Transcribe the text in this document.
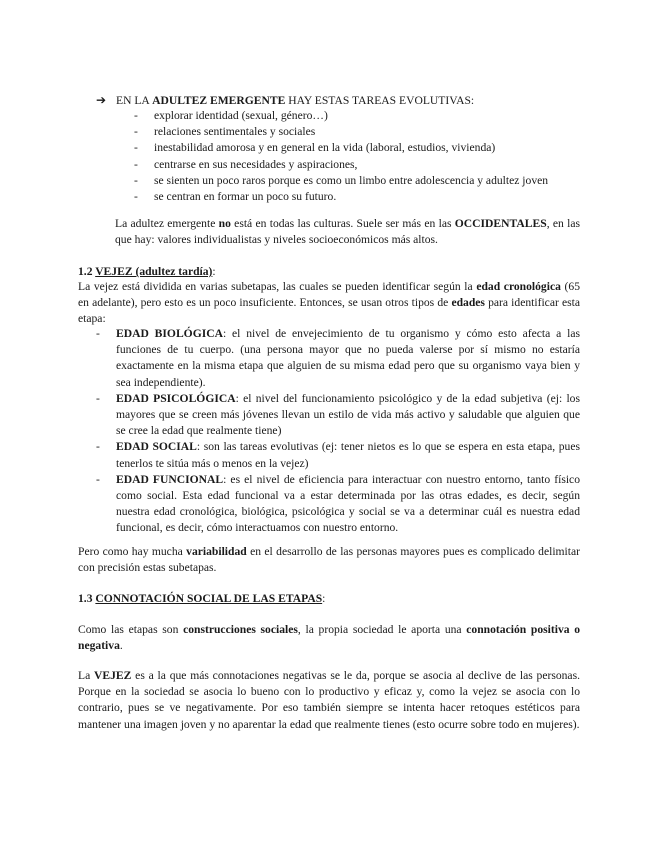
➔ EN LA ADULTEZ EMERGENTE HAY ESTAS TAREAS EVOLUTIVAS:
- explorar identidad (sexual, género…)
- relaciones sentimentales y sociales
- inestabilidad amorosa y en general en la vida (laboral, estudios, vivienda)
- centrarse en sus necesidades y aspiraciones,
- se sienten un poco raros porque es como un limbo entre adolescencia y adultez joven
- se centran en formar un poco su futuro.
La adultez emergente no está en todas las culturas. Suele ser más en las OCCIDENTALES, en las que hay: valores individualistas y niveles socioeconómicos más altos.
1.2 VEJEZ (adultez tardía):
La vejez está dividida en varias subetapas, las cuales se pueden identificar según la edad cronológica (65 en adelante), pero esto es un poco insuficiente. Entonces, se usan otros tipos de edades para identificar esta etapa:
- EDAD BIOLÓGICA: el nivel de envejecimiento de tu organismo y cómo esto afecta a las funciones de tu cuerpo. (una persona mayor que no pueda valerse por sí mismo no estaría exactamente en la misma etapa que alguien de su misma edad pero que su organismo vaya bien y sea independiente).
- EDAD PSICOLÓGICA: el nivel del funcionamiento psicológico y de la edad subjetiva (ej: los mayores que se creen más jóvenes llevan un estilo de vida más activo y saludable que alguien que se cree la edad que realmente tiene)
- EDAD SOCIAL: son las tareas evolutivas (ej: tener nietos es lo que se espera en esta etapa, pues tenerlos te sitúa más o menos en la vejez)
- EDAD FUNCIONAL: es el nivel de eficiencia para interactuar con nuestro entorno, tanto físico como social. Esta edad funcional va a estar determinada por las otras edades, es decir, según nuestra edad cronológica, biológica, psicológica y social se va a determinar cuál es nuestra edad funcional, es decir, cómo interactuamos con nuestro entorno.
Pero como hay mucha variabilidad en el desarrollo de las personas mayores pues es complicado delimitar con precisión estas subetapas.
1.3 CONNOTACIÓN SOCIAL DE LAS ETAPAS:
Como las etapas son construcciones sociales, la propia sociedad le aporta una connotación positiva o negativa.
La VEJEZ es a la que más connotaciones negativas se le da, porque se asocia al declive de las personas. Porque en la sociedad se asocia lo bueno con lo productivo y eficaz y, como la vejez se asocia con lo contrario, pues se ve negativamente. Por eso también siempre se intenta hacer retoques estéticos para mantener una imagen joven y no aparentar la edad que realmente tienes (esto ocurre sobre todo en mujeres).
